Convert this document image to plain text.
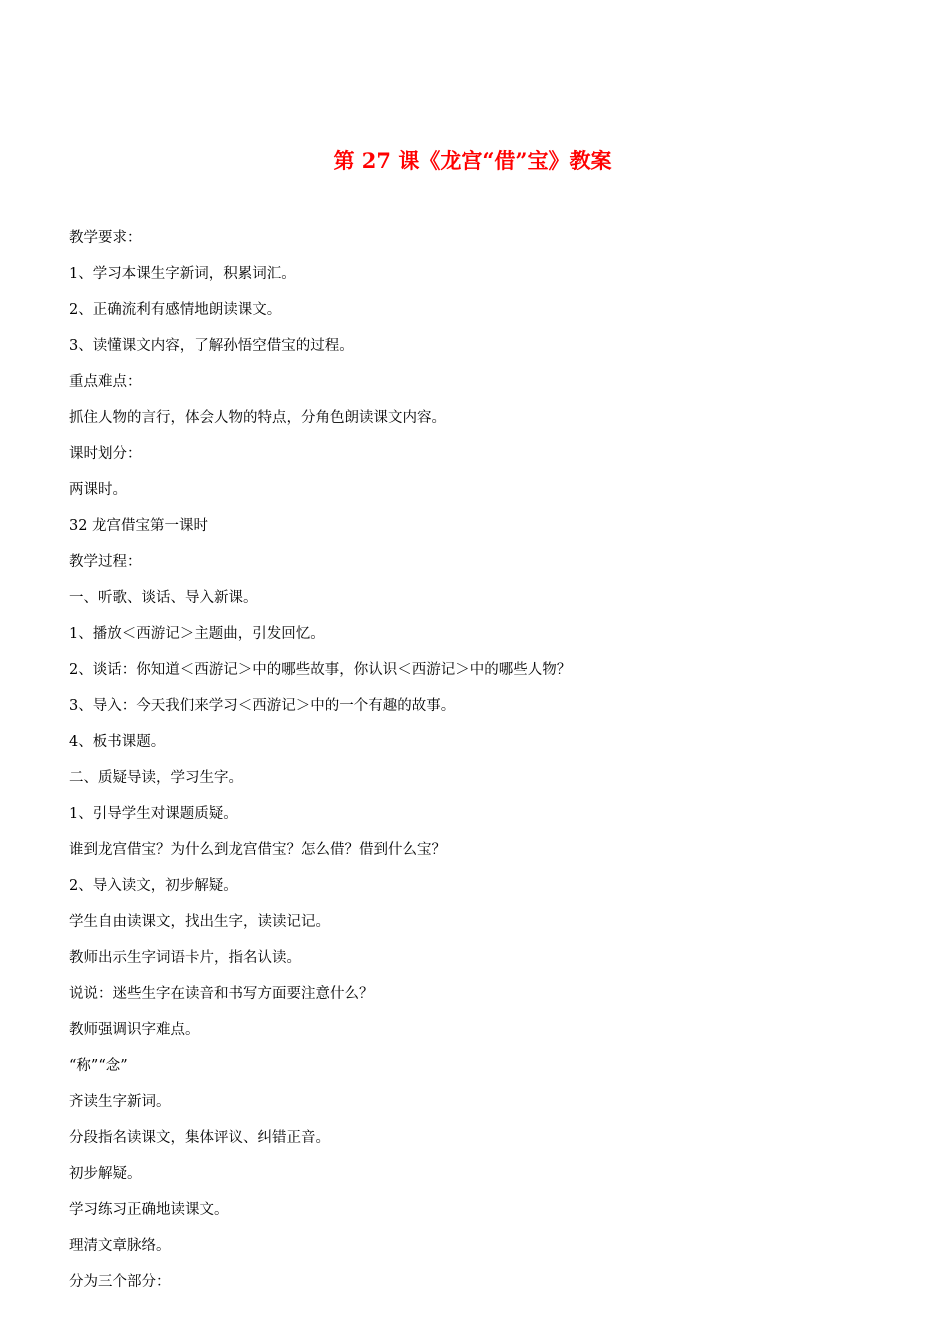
第 27 课《龙宫“借”宝》教案

教学要求：

1、学习本课生字新词，积累词汇。

2、正确流利有感情地朗读课文。

3、读懂课文内容，了解孙悟空借宝的过程。

重点难点：

抓住人物的言行，体会人物的特点，分角色朗读课文内容。

课时划分：

两课时。

32 龙宫借宝第一课时

教学过程：

一、听歌、谈话、导入新课。

1、播放＜西游记＞主题曲，引发回忆。

2、谈话：你知道＜西游记＞中的哪些故事，你认识＜西游记＞中的哪些人物？

3、导入：今天我们来学习＜西游记＞中的一个有趣的故事。

4、板书课题。

二、质疑导读，学习生字。

1、引导学生对课题质疑。

谁到龙宫借宝？为什么到龙宫借宝？怎么借？借到什么宝？

2、导入读文，初步解疑。

学生自由读课文，找出生字，读读记记。

教师出示生字词语卡片，指名认读。

说说：迷些生字在读音和书写方面要注意什么？

教师强调识字难点。

“称”“念”

齐读生字新词。

分段指名读课文，集体评议、纠错正音。

初步解疑。

学习练习正确地读课文。

理清文章脉络。

分为三个部分：
